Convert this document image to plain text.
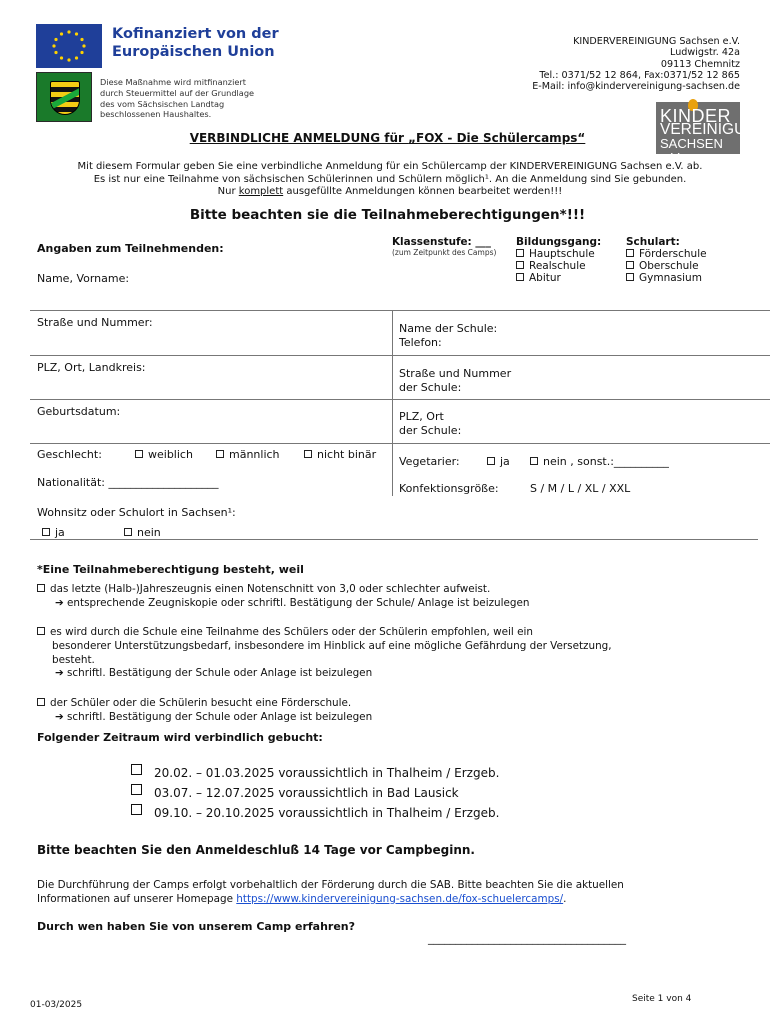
Kofinanziert von der
Europäischen Union
Diese Maßnahme wird mitfinanziert durch Steuermittel auf der Grundlage des vom Sächsischen Landtag beschlossenen Haushaltes.
KINDERVEREINIGUNG Sachsen e.V.
Ludwigstr. 42a
09113 Chemnitz
Tel.: 0371/52 12 864, Fax:0371/52 12 865
E-Mail: info@kindervereinigung-sachsen.de
KINDER
VEREINIGUNG
SACHSEN e.V.
VERBINDLICHE ANMELDUNG für „FOX - Die Schülercamps“
Mit diesem Formular geben Sie eine verbindliche Anmeldung für ein Schülercamp der KINDERVEREINIGUNG Sachsen e.V. ab.
Es ist nur eine Teilnahme von sächsischen Schülerinnen und Schülern möglich¹. An die Anmeldung sind Sie gebunden.
Nur komplett ausgefüllte Anmeldungen können bearbeitet werden!!!
Bitte beachten sie die Teilnahmeberechtigungen*!!!
Angaben zum Teilnehmenden:
Name, Vorname:
Klassenstufe: ___
(zum Zeitpunkt des Camps)
Bildungsgang:
Hauptschule
Realschule
Abitur
Schulart:
Förderschule
Oberschule
Gymnasium
Straße und Nummer:
PLZ, Ort, Landkreis:
Geburtsdatum:
Geschlecht:	weiblich	männlich	nicht binär
Nationalität: ____________________
Wohnsitz oder Schulort in Sachsen¹:
ja	nein
Name der Schule:
Telefon:
Straße und Nummer
der Schule:
PLZ, Ort
der Schule:
Vegetarier:	ja	nein , sonst.:__________
Konfektionsgröße:	S / M / L / XL / XXL
*Eine Teilnahmeberechtigung besteht, weil
das letzte (Halb-)Jahreszeugnis einen Notenschnitt von 3,0 oder schlechter aufweist.
➔ entsprechende Zeugniskopie oder schriftl. Bestätigung der Schule/ Anlage ist beizulegen
es wird durch die Schule eine Teilnahme des Schülers oder der Schülerin empfohlen, weil ein
besonderer Unterstützungsbedarf, insbesondere im Hinblick auf eine mögliche Gefährdung der Versetzung,
besteht.
➔ schriftl. Bestätigung der Schule oder Anlage ist beizulegen
der Schüler oder die Schülerin besucht eine Förderschule.
➔ schriftl. Bestätigung der Schule oder Anlage ist beizulegen
Folgender Zeitraum wird verbindlich gebucht:
20.02. – 01.03.2025 voraussichtlich in Thalheim / Erzgeb.
03.07. – 12.07.2025 voraussichtlich in Bad Lausick
09.10. – 20.10.2025 voraussichtlich in Thalheim / Erzgeb.
Bitte beachten Sie den Anmeldeschluß 14 Tage vor Campbeginn.
Die Durchführung der Camps erfolgt vorbehaltlich der Förderung durch die SAB. Bitte beachten Sie die aktuellen
Informationen auf unserer Homepage https://www.kindervereinigung-sachsen.de/fox-schuelercamps/.
Durch wen haben Sie von unserem Camp erfahren?
____________________________________
01-03/2025
Seite 1 von 4
